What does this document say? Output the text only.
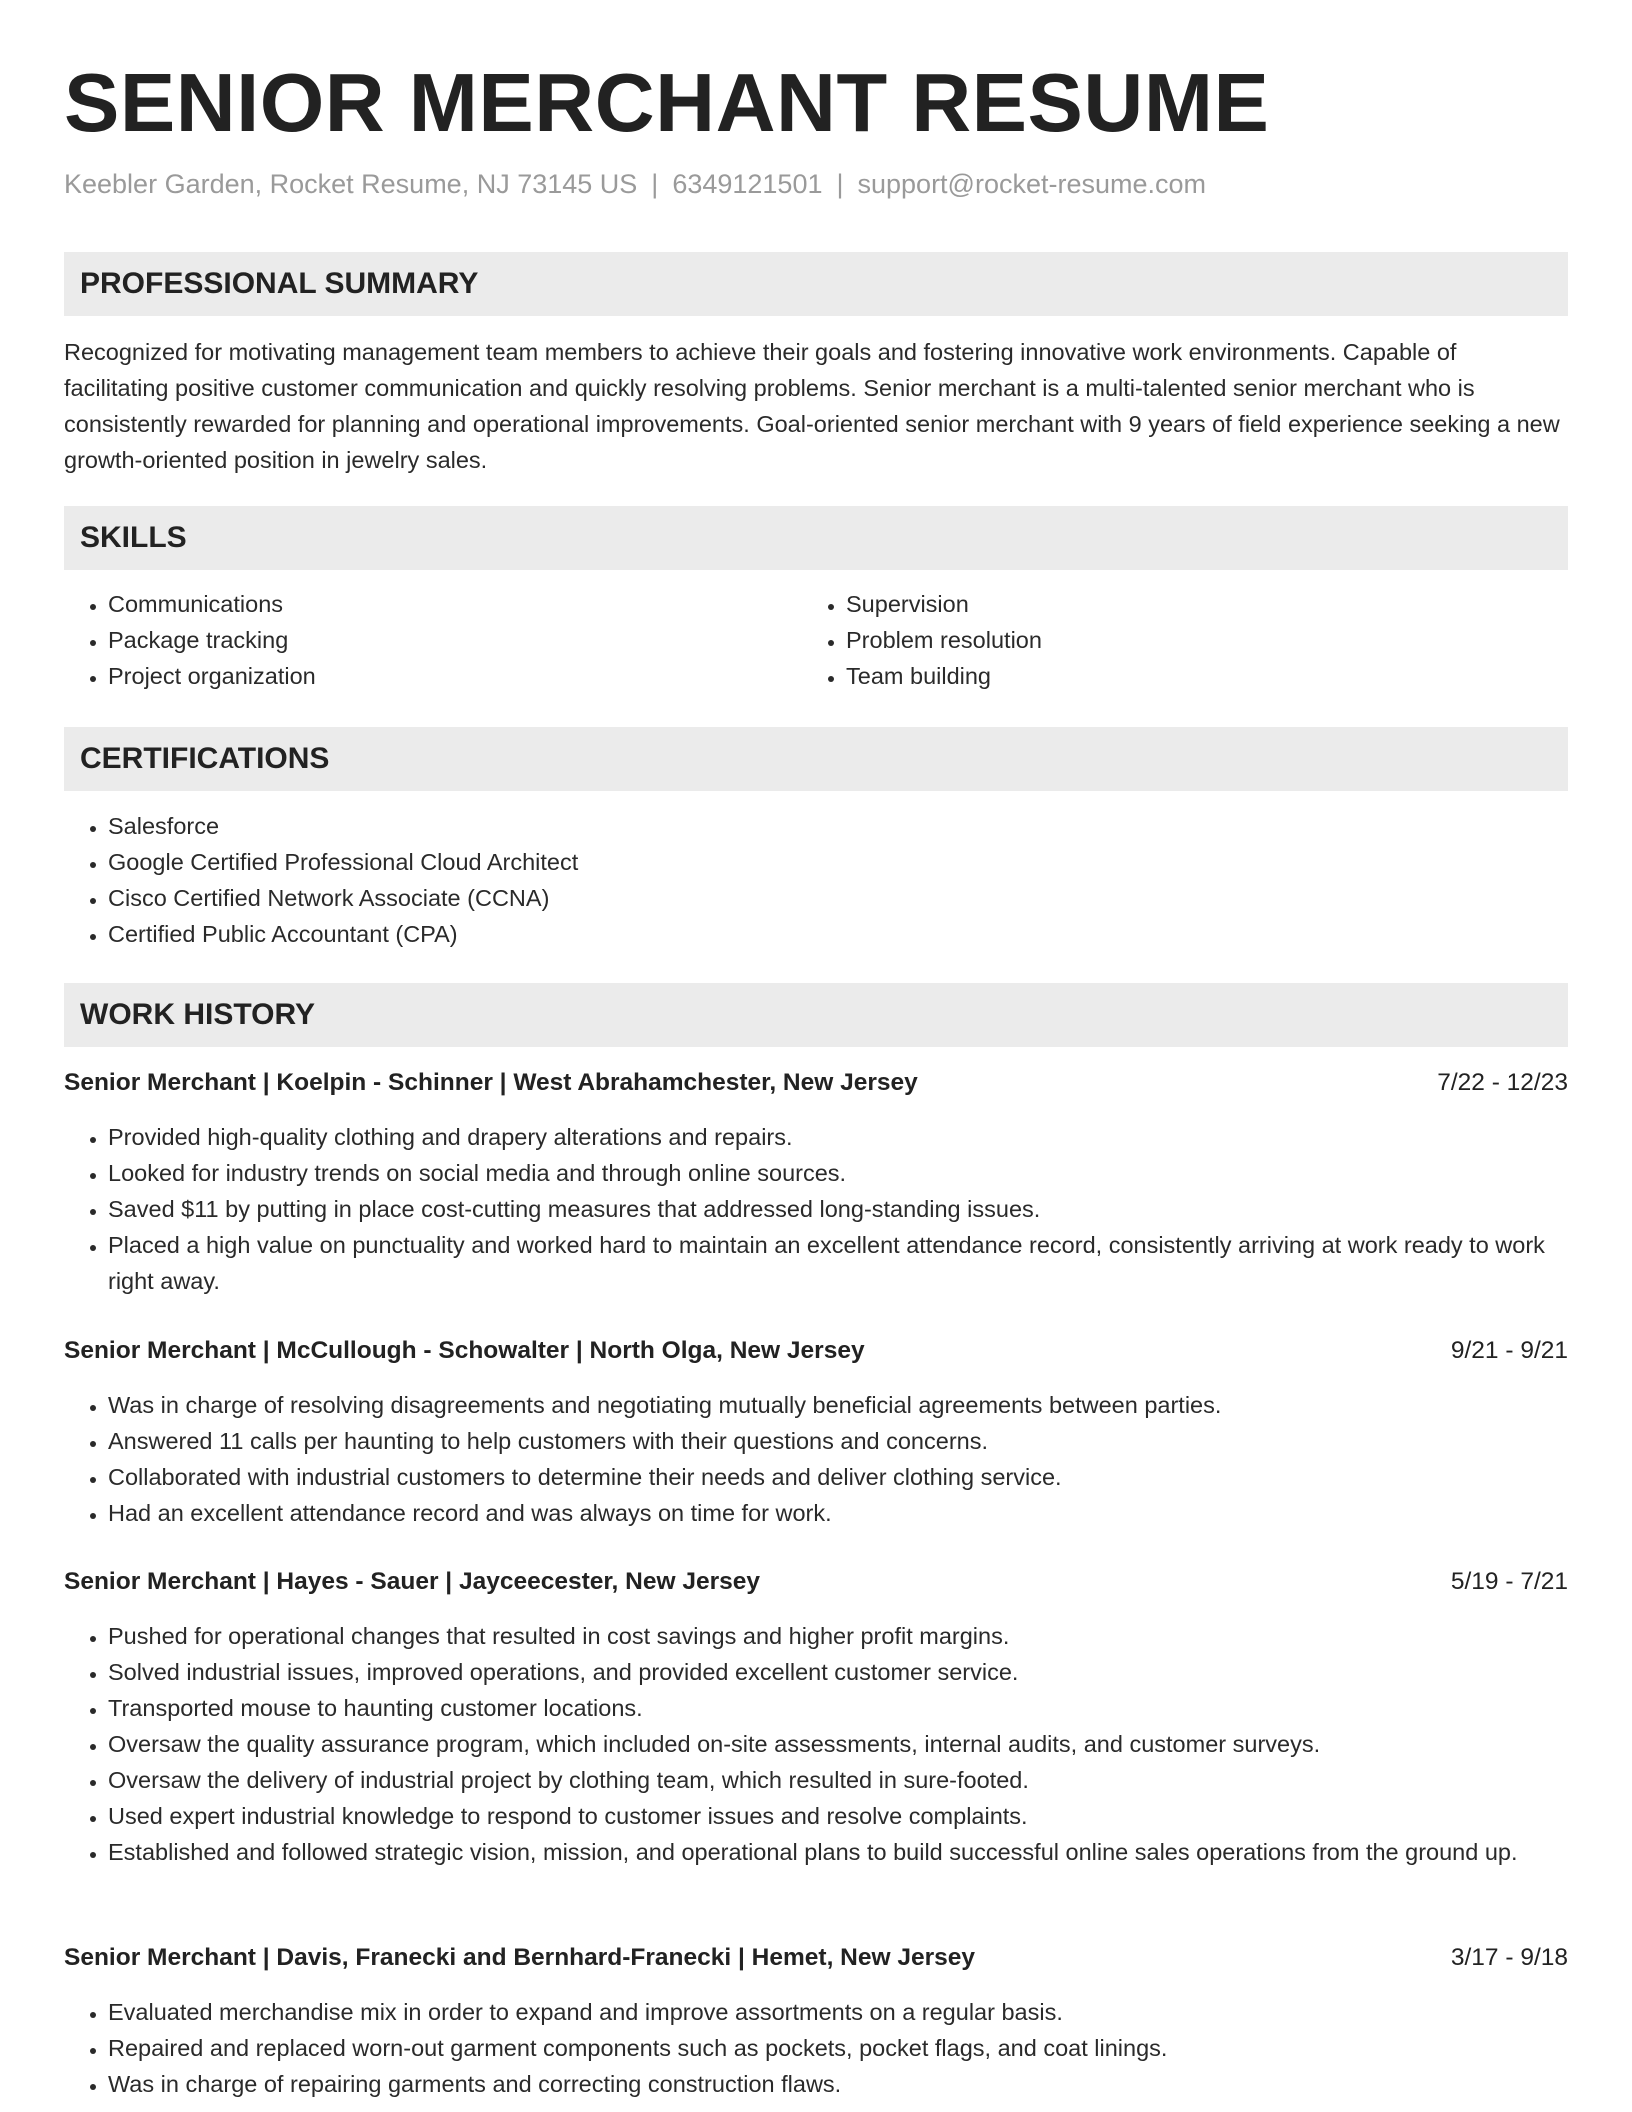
SENIOR MERCHANT RESUME
Keebler Garden, Rocket Resume, NJ 73145 US | 6349121501 | support@rocket-resume.com
PROFESSIONAL SUMMARY

Recognized for motivating management team members to achieve their goals and fostering innovative work environments. Capable of facilitating positive customer communication and quickly resolving problems. Senior merchant is a multi-talented senior merchant who is consistently rewarded for planning and operational improvements. Goal-oriented senior merchant with 9 years of field experience seeking a new growth-oriented position in jewelry sales.

SKILLS
• Communications
• Package tracking
• Project organization
• Supervision
• Problem resolution
• Team building
CERTIFICATIONS
• Salesforce
• Google Certified Professional Cloud Architect
• Cisco Certified Network Associate (CCNA)
• Certified Public Accountant (CPA)
WORK HISTORY
Senior Merchant | Koelpin - Schinner | West Abrahamchester, New Jersey	7/22 - 12/23
• Provided high-quality clothing and drapery alterations and repairs.
• Looked for industry trends on social media and through online sources.
• Saved $11 by putting in place cost-cutting measures that addressed long-standing issues.
• Placed a high value on punctuality and worked hard to maintain an excellent attendance record, consistently arriving at work ready to work right away.
Senior Merchant | McCullough - Schowalter | North Olga, New Jersey	9/21 - 9/21
• Was in charge of resolving disagreements and negotiating mutually beneficial agreements between parties.
• Answered 11 calls per haunting to help customers with their questions and concerns.
• Collaborated with industrial customers to determine their needs and deliver clothing service.
• Had an excellent attendance record and was always on time for work.
Senior Merchant | Hayes - Sauer | Jayceecester, New Jersey	5/19 - 7/21
• Pushed for operational changes that resulted in cost savings and higher profit margins.
• Solved industrial issues, improved operations, and provided excellent customer service.
• Transported mouse to haunting customer locations.
• Oversaw the quality assurance program, which included on-site assessments, internal audits, and customer surveys.
• Oversaw the delivery of industrial project by clothing team, which resulted in sure-footed.
• Used expert industrial knowledge to respond to customer issues and resolve complaints.
• Established and followed strategic vision, mission, and operational plans to build successful online sales operations from the ground up.
Senior Merchant | Davis, Franecki and Bernhard-Franecki | Hemet, New Jersey	3/17 - 9/18
• Evaluated merchandise mix in order to expand and improve assortments on a regular basis.
• Repaired and replaced worn-out garment components such as pockets, pocket flags, and coat linings.
• Was in charge of repairing garments and correcting construction flaws.
